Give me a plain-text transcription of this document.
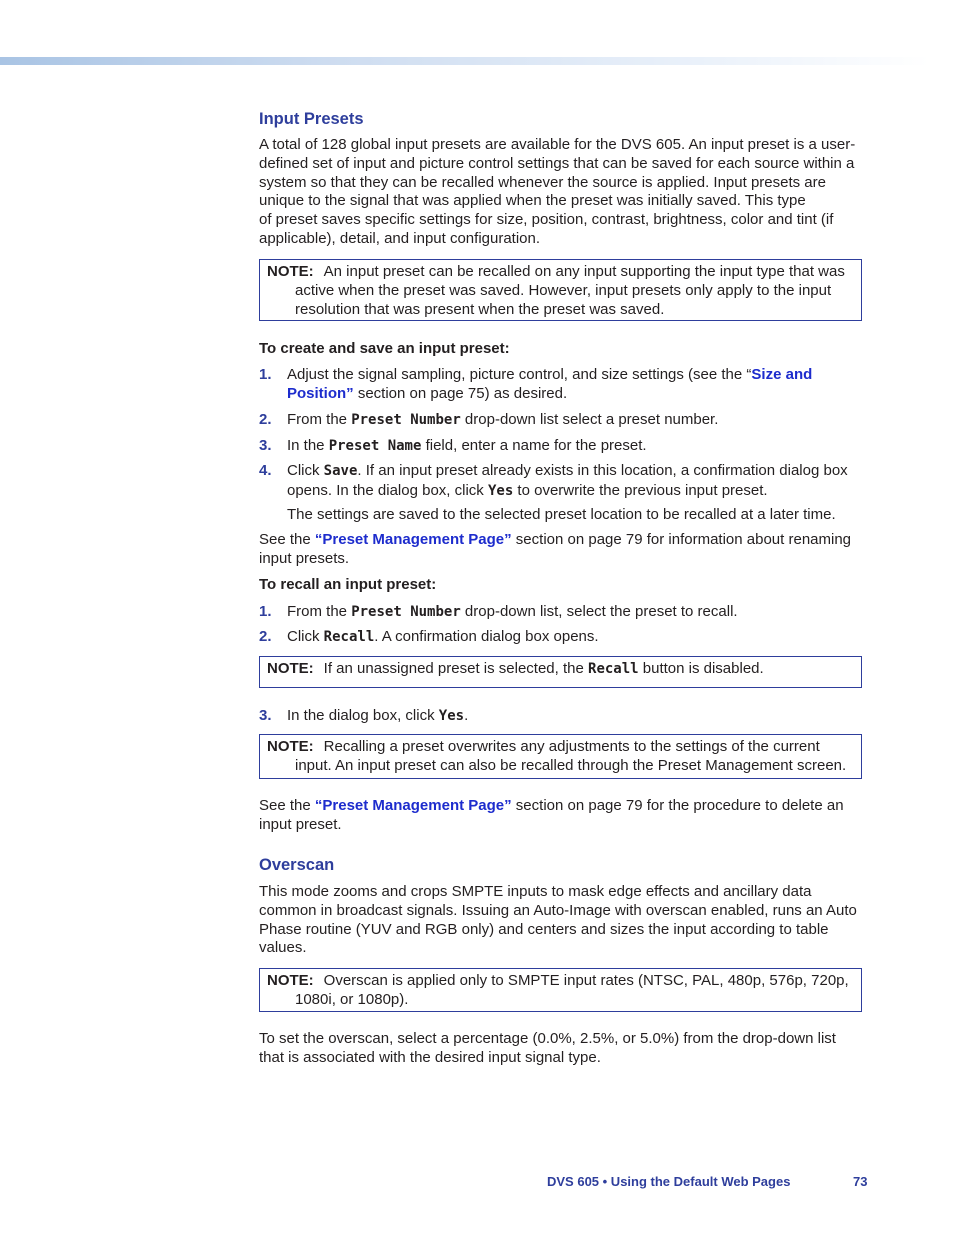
Input Presets
A total of 128 global input presets are available for the DVS 605. An input preset is a user-defined set of input and picture control settings that can be saved for each source within a system so that they can be recalled whenever the source is applied. Input presets are unique to the signal that was applied when the preset was initially saved. This type
of preset saves specific settings for size, position, contrast, brightness, color and tint (if applicable), detail, and input configuration.
NOTE: An input preset can be recalled on any input supporting the input type that was active when the preset was saved. However, input presets only apply to the input resolution that was present when the preset was saved.
To create and save an input preset:
1. Adjust the signal sampling, picture control, and size settings (see the “Size and Position” section on page 75) as desired.
2. From the Preset Number drop-down list select a preset number.
3. In the Preset Name field, enter a name for the preset.
4. Click Save. If an input preset already exists in this location, a confirmation dialog box opens. In the dialog box, click Yes to overwrite the previous input preset.
The settings are saved to the selected preset location to be recalled at a later time.
See the “Preset Management Page” section on page 79 for information about renaming input presets.
To recall an input preset:
1. From the Preset Number drop-down list, select the preset to recall.
2. Click Recall. A confirmation dialog box opens.
NOTE: If an unassigned preset is selected, the Recall button is disabled.
3. In the dialog box, click Yes.
NOTE: Recalling a preset overwrites any adjustments to the settings of the current input. An input preset can also be recalled through the Preset Management screen.
See the “Preset Management Page” section on page 79 for the procedure to delete an input preset.
Overscan
This mode zooms and crops SMPTE inputs to mask edge effects and ancillary data common in broadcast signals. Issuing an Auto-Image with overscan enabled, runs an Auto Phase routine (YUV and RGB only) and centers and sizes the input according to table values.
NOTE: Overscan is applied only to SMPTE input rates (NTSC, PAL, 480p, 576p, 720p, 1080i, or 1080p).
To set the overscan, select a percentage (0.0%, 2.5%, or 5.0%) from the drop-down list that is associated with the desired input signal type.
DVS 605 • Using the Default Web Pages	73
